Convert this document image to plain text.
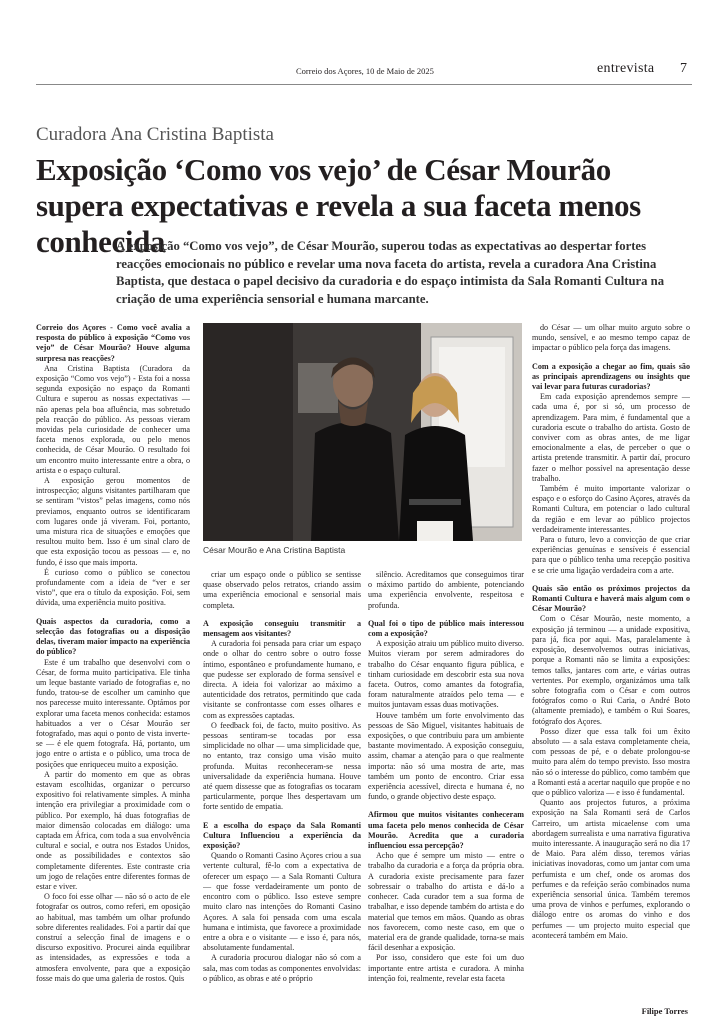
Correio dos Açores, 10 de Maio de 2025	entrevista 7
Curadora Ana Cristina Baptista
Exposição ‘Como vos vejo’ de César Mourão supera expectativas e revela a sua faceta menos conhecida
A exposição “Como vos vejo”, de César Mourão, superou todas as expectativas ao despertar fortes reacções emocionais no público e revelar uma nova faceta do artista, revela a curadora Ana Cristina Baptista, que destaca o papel decisivo da curadoria e do espaço intimista da Sala Romanti Cultura na criação de uma experiência sensorial e humana marcante.

Correio dos Açores - Como você avalia a resposta do público à exposição “Como vos vejo” de César Mourão? Houve alguma surpresa nas reacções?

Ana Cristina Baptista (Curadora da exposição “Como vos vejo”) - Esta foi a nossa segunda exposição no espaço da Romanti Cultura e superou as nossas expectativas — não apenas pela boa afluência, mas sobretudo pela reacção do público. As pessoas vieram movidas pela curiosidade de conhecer uma faceta menos explorada, ou pelo menos conhecida, de César Mourão. O resultado foi um encontro muito interessante entre a obra, o artista e o espaço cultural.

A exposição gerou momentos de introspecção; alguns visitantes partilharam que se sentiram “vistos” pelas imagens, como nós previamos, enquanto outros se identificaram com lugares onde já viveram. Foi, portanto, uma mistura rica de situações e emoções que resultou muito bem. Isso é um sinal claro de que esta exposição tocou as pessoas — e, no fundo, é isso que mais importa.

É curioso como o público se conectou profundamente com a ideia de “ver e ser visto”, que era o título da exposição. Foi, sem dúvida, uma experiência muito positiva.

Quais aspectos da curadoria, como a selecção das fotografias ou a disposição delas, tiveram maior impacto na experiência do público?

Este é um trabalho que desenvolvi com o César, de forma muito participativa. Ele tinha um leque bastante variado de fotografias e, no fundo, tratou-se de escolher um caminho que nos parecesse muito interessante. Optámos por explorar uma faceta menos conhecida: estamos habituados a ver o César Mourão ser fotografado, mas aqui o ponto de vista inverte-se — é ele quem fotografa. Há, portanto, um jogo entre o artista e o público, uma troca de posições que enriqueceu muito a exposição.

A partir do momento em que as obras estavam escolhidas, organizar o percurso expositivo foi relativamente simples. A minha intenção era privilegiar a proximidade com o público. Por exemplo, há duas fotografias de maior dimensão colocadas em diálogo: uma captada em África, com toda a sua envolvência cultural e social, e outra nos Estados Unidos, onde as possibilidades e contextos são completamente diferentes. Este contraste cria um jogo de relações entre diferentes formas de estar e viver.

O foco foi esse olhar — não só o acto de ele fotografar os outros, como referi, em oposição ao habitual, mas também um olhar profundo sobre diferentes realidades. Foi a partir daí que construí a selecção final de imagens e o discurso expositivo. Procurei ainda equilibrar as intensidades, as expressões e toda a atmosfera envolvente, para que a exposição fosse mais do que uma galeria de rostos. Quis

César Mourão e Ana Cristina Baptista

criar um espaço onde o público se sentisse quase observado pelos retratos, criando assim uma experiência emocional e sensorial mais completa.

A exposição conseguiu transmitir a mensagem aos visitantes?

A curadoria foi pensada para criar um espaço onde o olhar do centro sobre o outro fosse íntimo, espontâneo e profundamente humano, e que pudesse ser explorado de forma sensível e directa. A ideia foi valorizar ao máximo a autenticidade dos retratos, permitindo que cada visitante se confrontasse com esses olhares e com as expressões captadas.

O feedback foi, de facto, muito positivo. As pessoas sentiram-se tocadas por essa simplicidade no olhar — uma simplicidade que, no entanto, traz consigo uma visão muito profunda. Muitas reconheceram-se nessa universalidade da experiência humana. Houve até quem dissesse que as fotografias os tocaram particularmente, porque lhes despertavam um forte sentido de empatia.

E a escolha do espaço da Sala Romanti Cultura Influenciou a experiência da exposição?

Quando o Romanti Casino Açores criou a sua vertente cultural, fê-lo com a expectativa de oferecer um espaço — a Sala Romanti Cultura — que fosse verdadeiramente um ponto de encontro com o público. Isso esteve sempre muito claro nas intenções do Romanti Casino Açores. A sala foi pensada com uma escala humana e intimista, que favorece a proximidade entre a obra e o visitante — e isso é, para nós, absolutamente fundamental.

A curadoria procurou dialogar não só com a sala, mas com todas as componentes envolvidas: o público, as obras e até o próprio

silêncio. Acreditamos que conseguimos tirar o máximo partido do ambiente, potenciando uma experiência envolvente, respeitosa e profunda.

Qual foi o tipo de público mais interessou com a exposição?

A exposição atraiu um público muito diverso. Muitos vieram por serem admiradores do trabalho do César enquanto figura pública, e tinham curiosidade em descobrir esta sua nova faceta. Outros, como amantes da fotografia, foram naturalmente atraídos pelo tema — e muitos juntavam essas duas motivações.

Houve também um forte envolvimento das pessoas de São Miguel, visitantes habituais de exposições, o que contribuiu para um ambiente bastante movimentado. A exposição conseguiu, assim, chamar a atenção para o que realmente importa: não só uma mostra de arte, mas também um ponto de encontro. Criar essa experiência acessível, directa e humana é, no fundo, o grande objectivo deste espaço.

Afirmou que muitos visitantes conheceram uma faceta pelo menos conhecida de César Mourão. Acredita que a curadoria influenciou essa percepção?

Acho que é sempre um misto — entre o trabalho da curadoria e a força da própria obra. A curadoria existe precisamente para fazer sobressair o trabalho do artista e dá-lo a conhecer. Cada curador tem a sua forma de trabalhar, e isso depende também do artista e do material que temos em mãos. Quando as obras nos favorecem, como neste caso, em que o material era de grande qualidade, torna-se mais fácil desenhar a exposição.

Por isso, considero que este foi um duo importante entre artista e curadora. A minha intenção foi, realmente, revelar esta faceta

do César — um olhar muito arguto sobre o mundo, sensível, e ao mesmo tempo capaz de impactar o público pela força das imagens.

Com a exposição a chegar ao fim, quais são as principais aprendizagens ou insights que vai levar para futuras curadorias?

Em cada exposição aprendemos sempre — cada uma é, por si só, um processo de aprendizagem. Para mim, é fundamental que a curadoria escute o trabalho do artista. Gosto de conviver com as obras antes, de me ligar emocionalmente a elas, de perceber o que o artista pretende transmitir. A partir daí, procuro fazer o melhor possível na apresentação desse trabalho.

Também é muito importante valorizar o espaço e o esforço do Casino Açores, através da Romanti Cultura, em potenciar o lado cultural da região e em levar ao público projectos verdadeiramente interessantes.

Para o futuro, levo a convicção de que criar experiências genuínas e sensíveis é essencial para que o público tenha uma recepção positiva e se crie uma ligação verdadeira com a arte.

Quais são então os próximos projectos da Romanti Cultura e haverá mais algum com o César Mourão?

Com o César Mourão, neste momento, a exposição já terminou — a unidade expositiva, para já, fica por aqui. Mas, paralelamente à exposição, desenvolvemos outras iniciativas, porque a Romanti não se limita a exposições: temos talks, jantares com arte, e várias outras vertentes. Por exemplo, organizámos uma talk sobre fotografia com o César e com outros fotógrafos como o Rui Caria, o André Boto (altamente premiado), e também o Rui Soares, fotógrafo dos Açores.

Posso dizer que essa talk foi um êxito absoluto — a sala estava completamente cheia, com pessoas de pé, e o debate prolongou-se muito para além do tempo previsto. Isso mostra não só o interesse do público, como também que a Romanti está a acertar naquilo que propõe e no que o público valoriza — e isso é fundamental.

Quanto aos projectos futuros, a próxima exposição na Sala Romanti será de Carlos Carreiro, um artista micaelense com uma abordagem surrealista e uma narrativa figurativa muito interessante. A inauguração será no dia 17 de Maio. Para além disso, teremos várias iniciativas inovadoras, como um jantar com uma perfumista e um chef, onde os aromas dos perfumes e da refeição serão combinados numa experiência sensorial única. Também teremos uma prova de vinhos e perfumes, explorando o diálogo entre os aromas do vinho e dos perfumes — um projecto muito especial que acontecerá também em Maio.

Filipe Torres
